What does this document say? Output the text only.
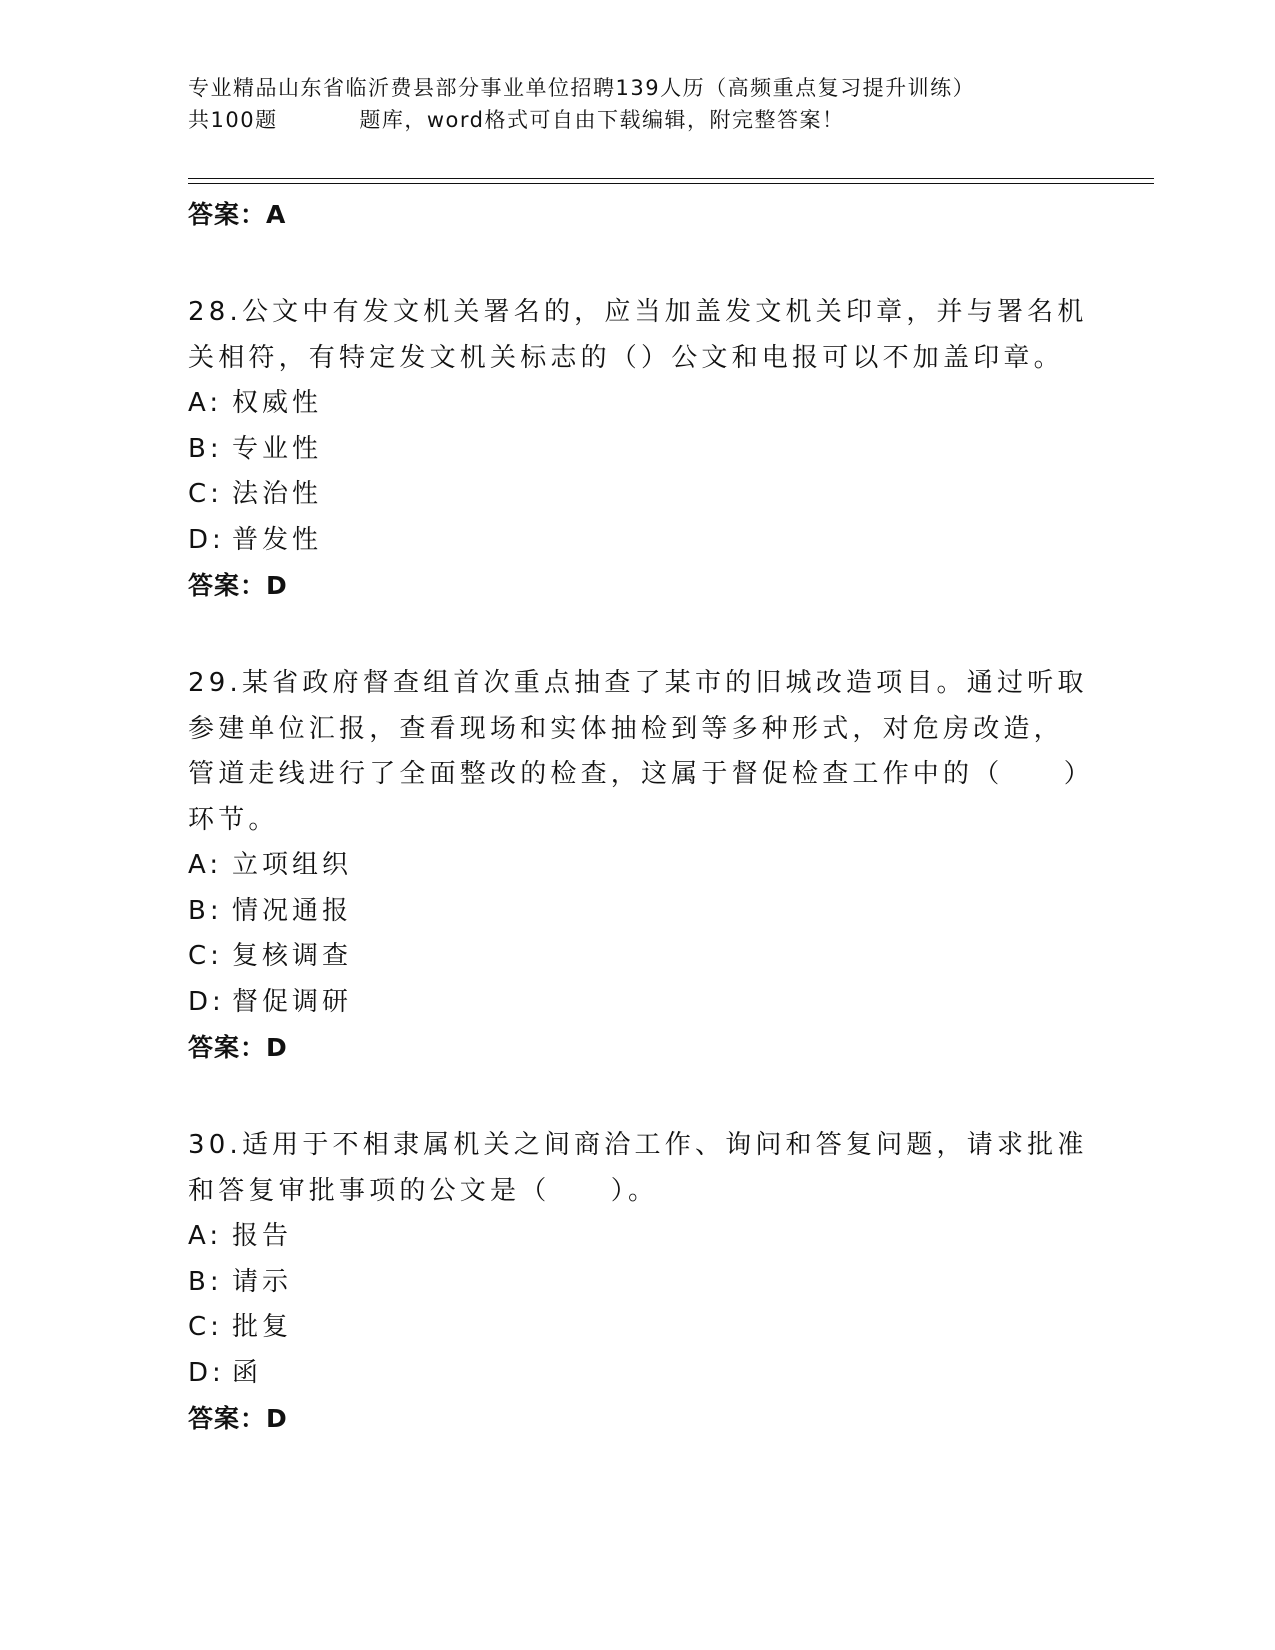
专业精品山东省临沂费县部分事业单位招聘139人历（高频重点复习提升训练）
共100题          题库，word格式可自由下载编辑，附完整答案！
答案：A

28.公文中有发文机关署名的，应当加盖发文机关印章，并与署名机关相符，有特定发文机关标志的（）公文和电报可以不加盖印章。

A: 权威性
B: 专业性
C: 法治性
D: 普发性
答案：D

29.某省政府督查组首次重点抽查了某市的旧城改造项目。通过听取参建单位汇报，查看现场和实体抽检到等多种形式，对危房改造，管道走线进行了全面整改的检查，这属于督促检查工作中的（　　）环节。

A: 立项组织
B: 情况通报
C: 复核调查
D: 督促调研
答案：D

30.适用于不相隶属机关之间商洽工作、询问和答复问题，请求批准和答复审批事项的公文是（　　）。

A: 报告
B: 请示
C: 批复
D: 函
答案：D
